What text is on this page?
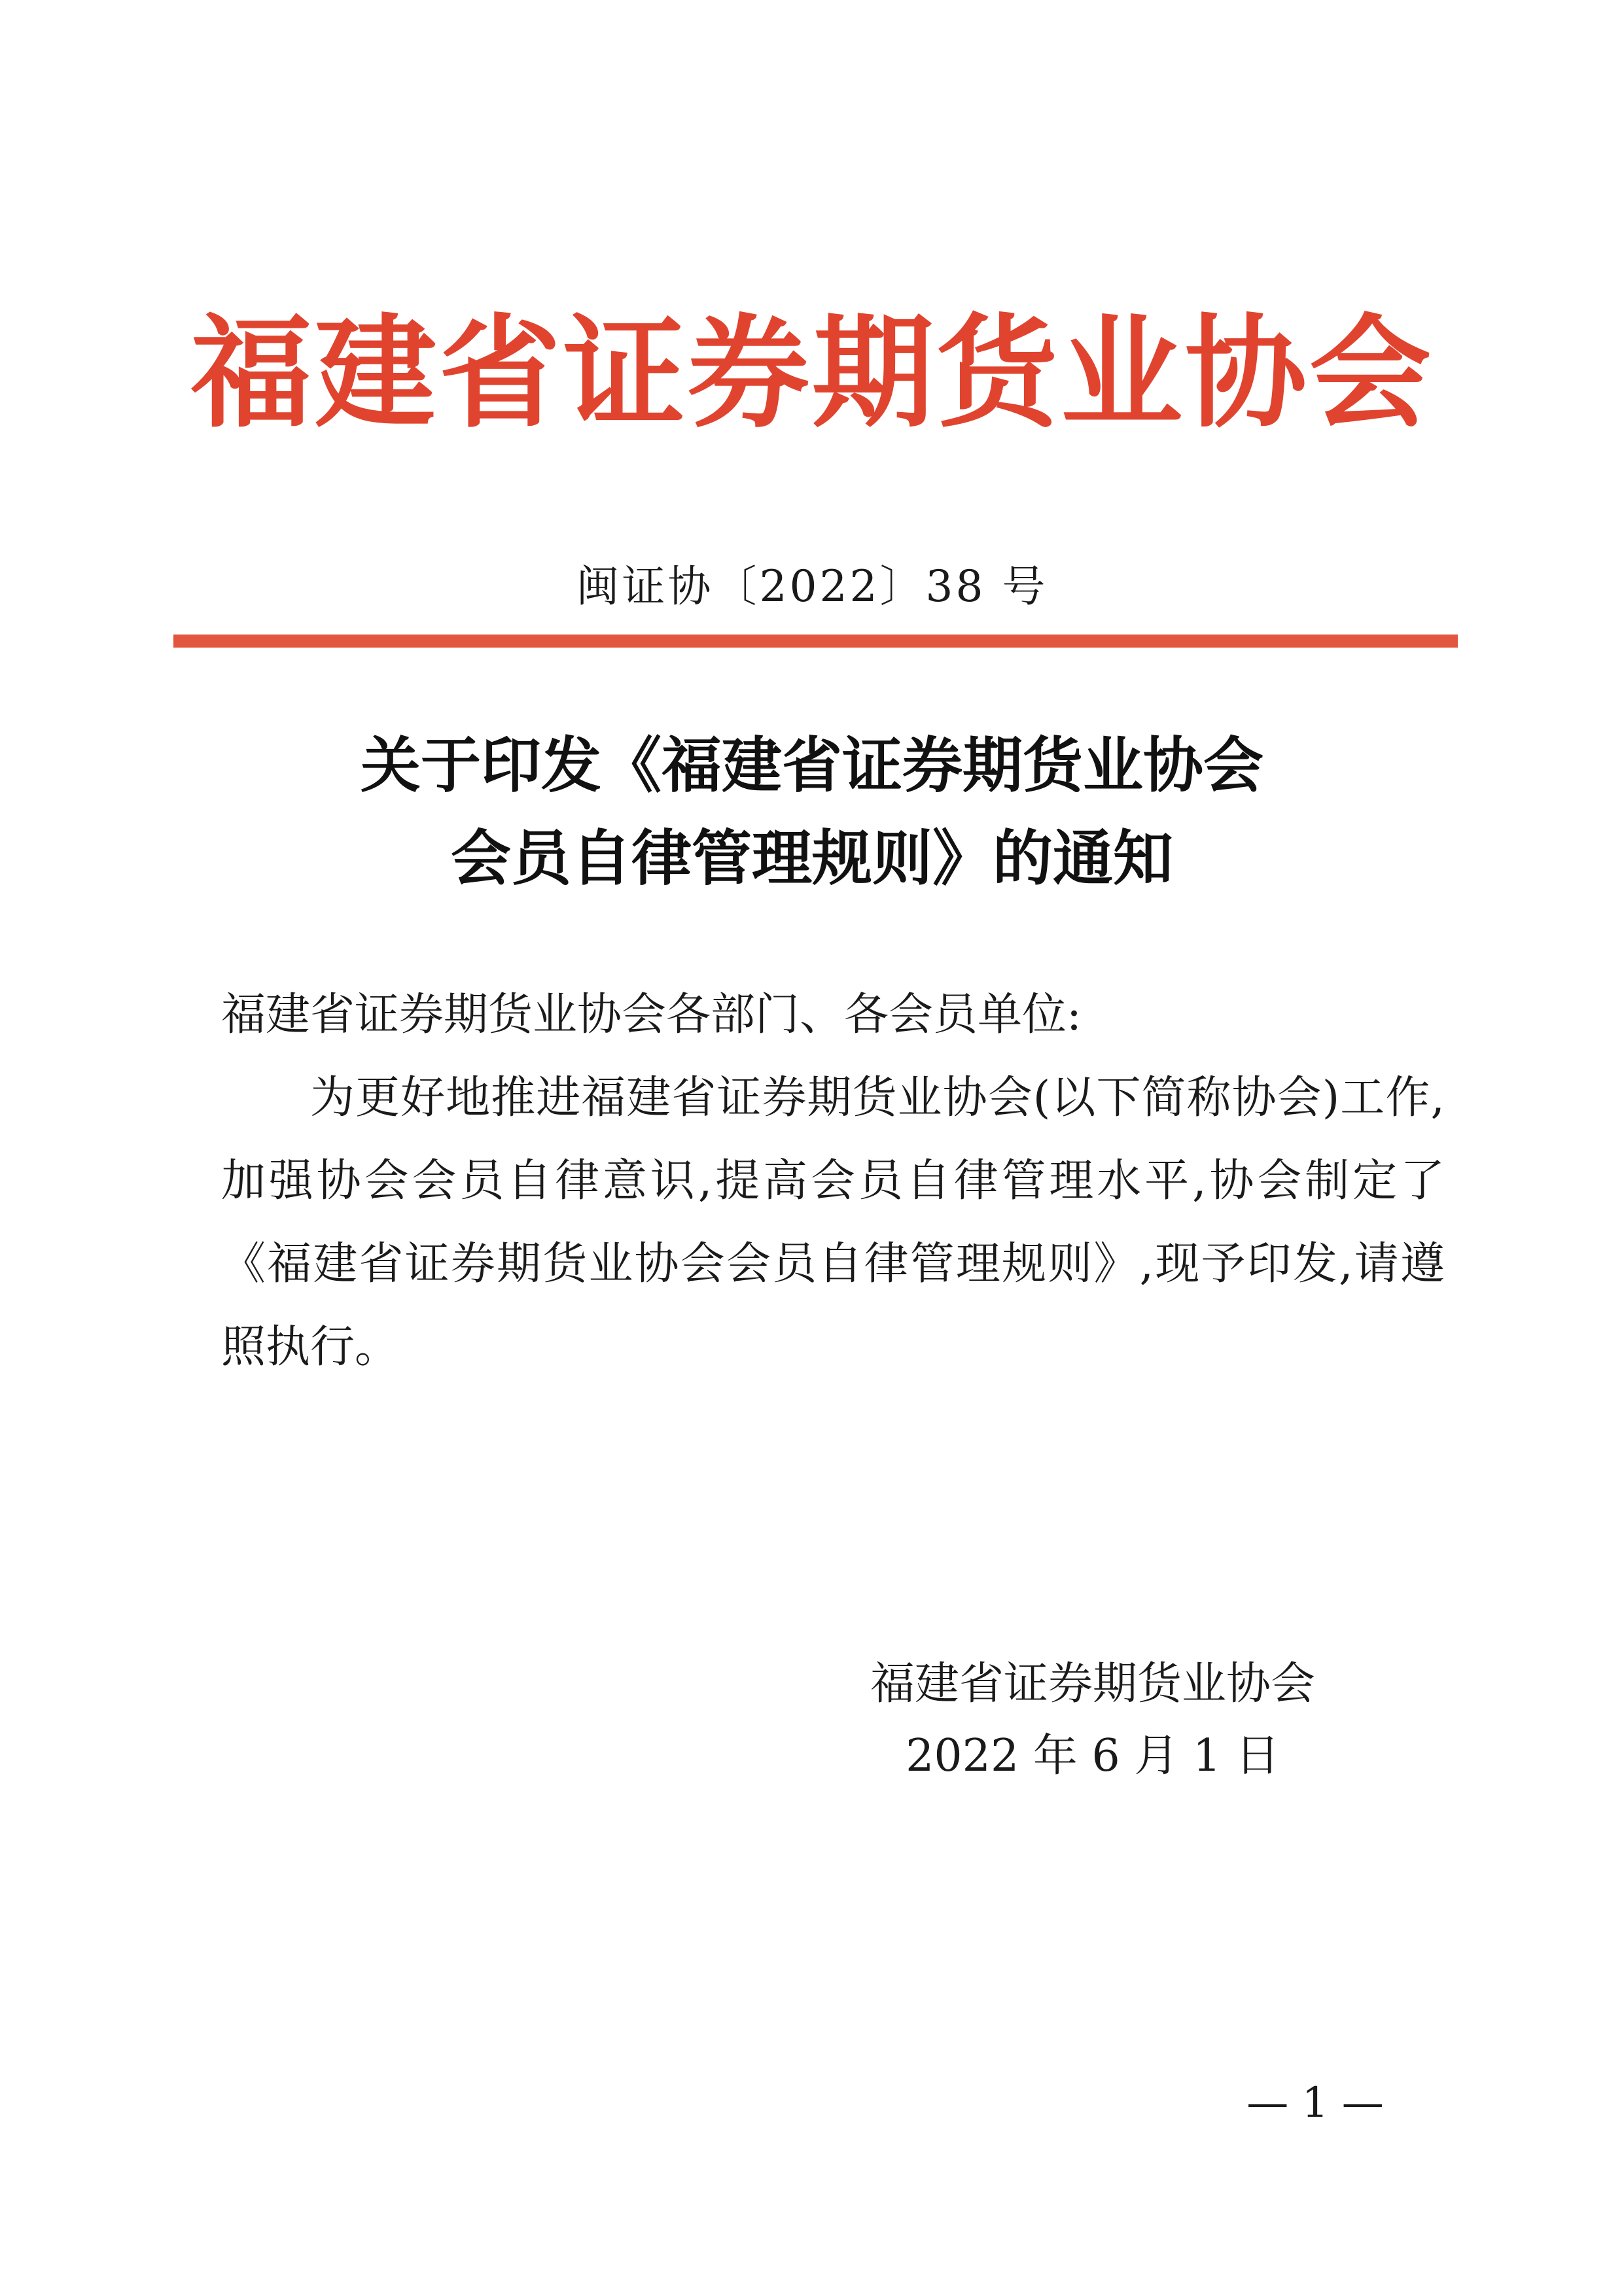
福建省证券期货业协会
闽证协〔2022〕38 号
关于印发《福建省证券期货业协会
会员自律管理规则》的通知
福建省证券期货业协会各部门、各会员单位:
为更好地推进福建省证券期货业协会(以下简称协会)工作,加强协会会员自律意识,提高会员自律管理水平,协会制定了《福建省证券期货业协会会员自律管理规则》,现予印发,请遵照执行。
福建省证券期货业协会
2022 年 6 月 1 日
— 1 —
